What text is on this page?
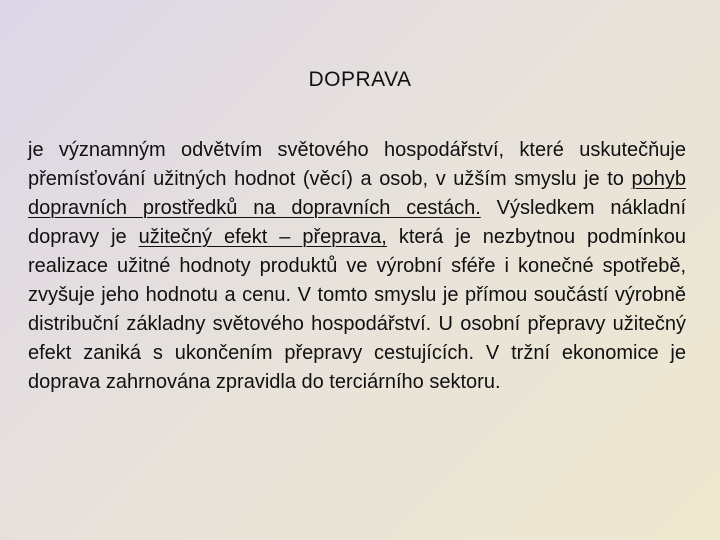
DOPRAVA

je významným odvětvím světového hospodářství, které uskutečňuje přemísťování užitných hodnot (věcí) a osob, v užším smyslu je to pohyb dopravních prostředků na dopravních cestách. Výsledkem nákladní dopravy je užitečný efekt – přeprava, která je nezbytnou podmínkou realizace užitné hodnoty produktů ve výrobní sféře i konečné spotřebě, zvyšuje jeho hodnotu a cenu. V tomto smyslu je přímou součástí výrobně distribuční základny světového hospodářství. U osobní přepravy užitečný efekt zaniká s ukončením přepravy cestujících. V tržní ekonomice je doprava zahrnována zpravidla do terciárního sektoru.
